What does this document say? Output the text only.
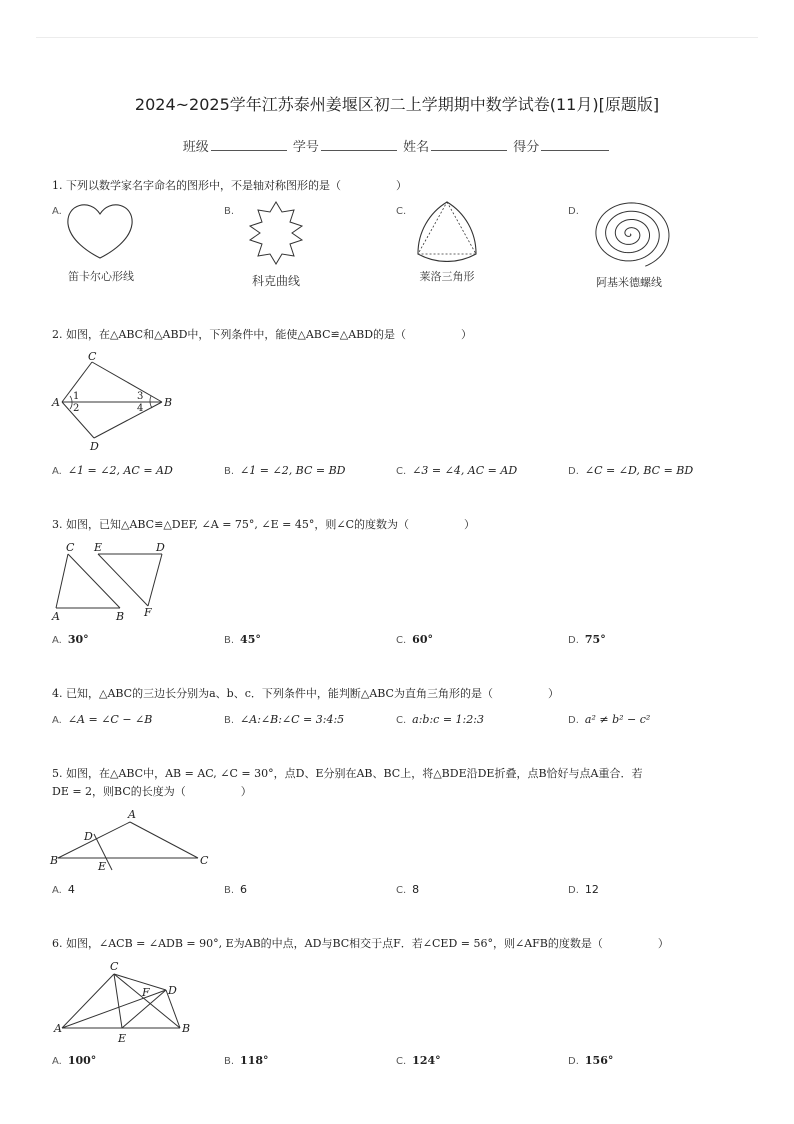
2024~2025学年江苏泰州姜堰区初二上学期期中数学试卷(11月)[原题版]
班级	学号	姓名	得分
1. 下列以数学家名字命名的图形中，不是轴对称图形的是（　　　　　）
A.
笛卡尔心形线
B.
科克曲线
C.
莱洛三角形
D.
阿基米德螺线
2. 如图，在△ABC和△ABD中，下列条件中，能使△ABC≌△ABD的是（　　　　　）
C
A 1
2
3
4 B
D
A. ∠1 = ∠2, AC = AD	B. ∠1 = ∠2, BC = BD	C. ∠3 = ∠4, AC = AD	D. ∠C = ∠D, BC = BD
3. 如图，已知△ABC≌△DEF, ∠A = 75°, ∠E = 45°，则∠C的度数为（　　　　　）
C E	D
A	B F
A. 30°	B. 45°	C. 60°	D. 75°
4. 已知，△ABC的三边长分别为a、b、c．下列条件中，能判断△ABC为直角三角形的是（　　　　　）
A. ∠A = ∠C − ∠B	B. ∠A:∠B:∠C = 3:4:5	C. a:b:c = 1:2:3	D. a² ≠ b² − c²
5. 如图，在△ABC中，AB = AC, ∠C = 30°，点D、E分别在AB、BC上，将△BDE沿DE折叠，点B恰好与点A重合．若
DE = 2，则BC的长度为（　　　　　）
A
D
B	E	C
A. 4	B. 6	C. 8	D. 12
6. 如图，∠ACB = ∠ADB = 90°, E为AB的中点，AD与BC相交于点F．若∠CED = 56°，则∠AFB的度数是（　　　　　）
C
F D
A
E
B
A. 100°	B. 118°	C. 124°	D. 156°
